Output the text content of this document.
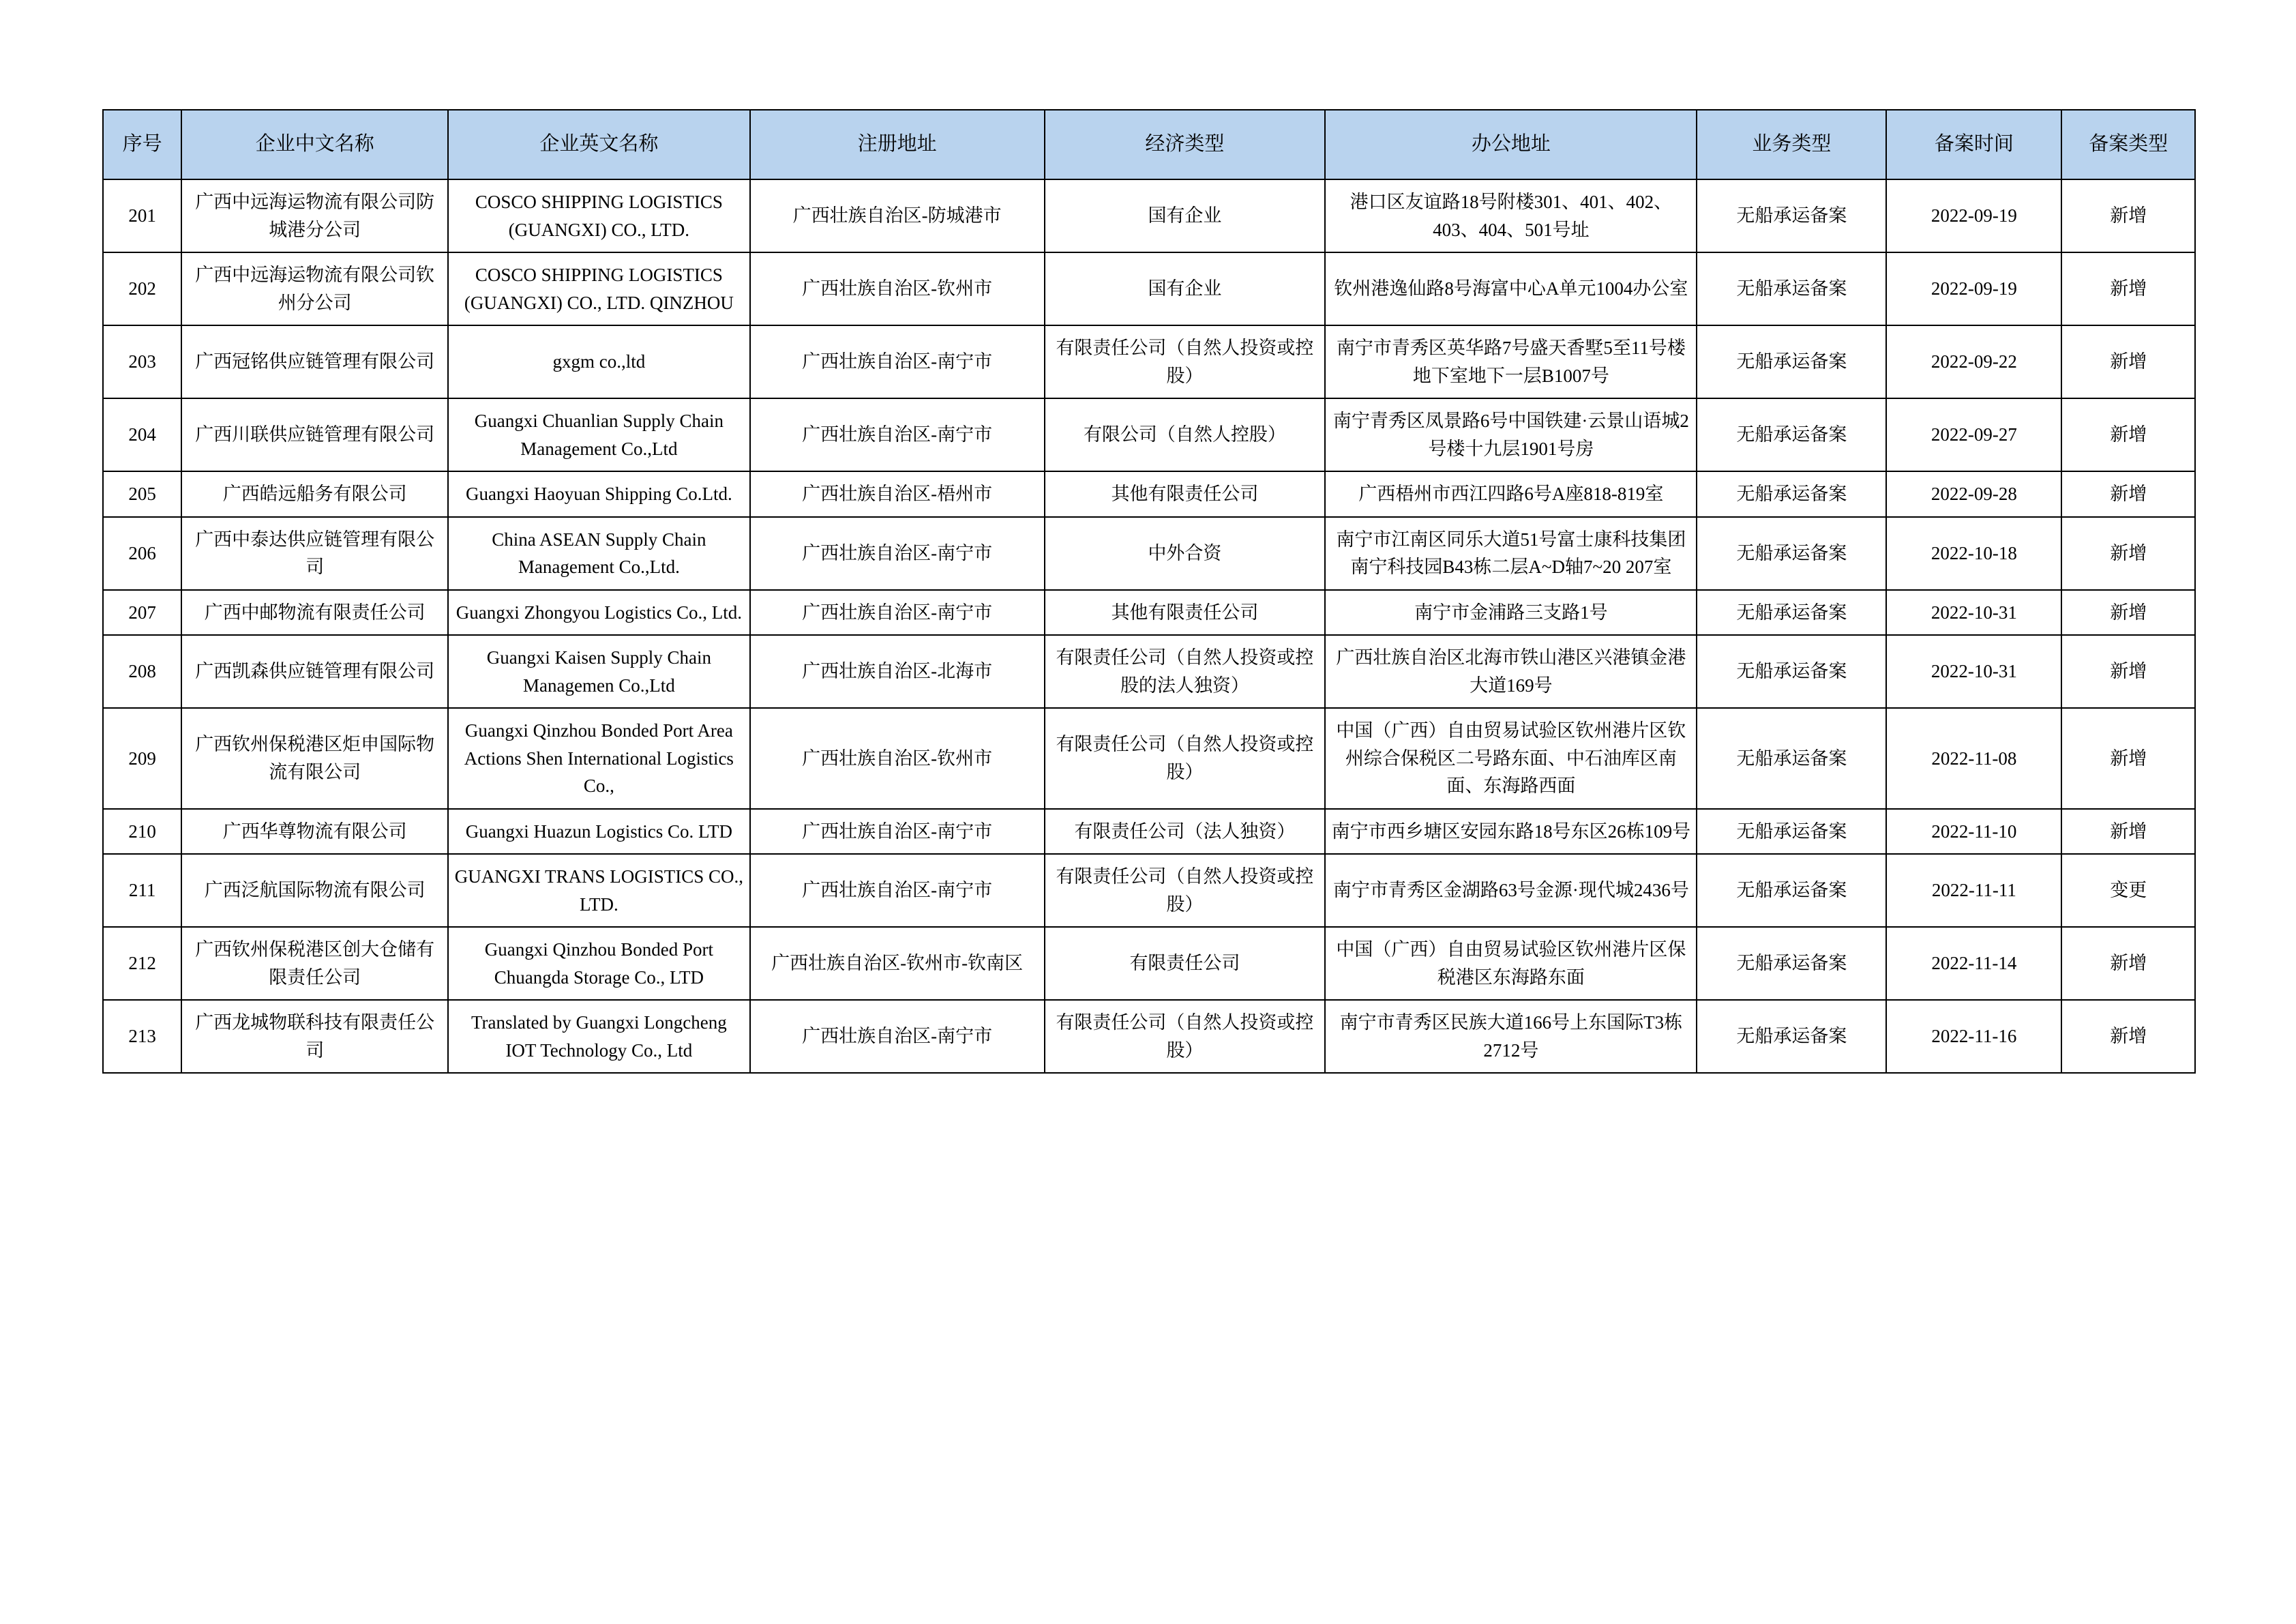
序号	企业中文名称	企业英文名称	注册地址	经济类型	办公地址	业务类型	备案时间	备案类型
201	广西中远海运物流有限公司防城港分公司	COSCO SHIPPING LOGISTICS (GUANGXI) CO., LTD.	广西壮族自治区-防城港市	国有企业	港口区友谊路18号附楼301、401、402、403、404、501号址	无船承运备案	2022-09-19	新增
202	广西中远海运物流有限公司钦州分公司	COSCO SHIPPING LOGISTICS (GUANGXI) CO., LTD. QINZHOU	广西壮族自治区-钦州市	国有企业	钦州港逸仙路8号海富中心A单元1004办公室	无船承运备案	2022-09-19	新增
203	广西冠铭供应链管理有限公司	gxgm co.,ltd	广西壮族自治区-南宁市	有限责任公司（自然人投资或控股）	南宁市青秀区英华路7号盛天香墅5至11号楼地下室地下一层B1007号	无船承运备案	2022-09-22	新增
204	广西川联供应链管理有限公司	Guangxi Chuanlian Supply Chain Management Co.,Ltd	广西壮族自治区-南宁市	有限公司（自然人控股）	南宁青秀区凤景路6号中国铁建·云景山语城2号楼十九层1901号房	无船承运备案	2022-09-27	新增
205	广西皓远船务有限公司	Guangxi Haoyuan Shipping Co.Ltd.	广西壮族自治区-梧州市	其他有限责任公司	广西梧州市西江四路6号A座818-819室	无船承运备案	2022-09-28	新增
206	广西中泰达供应链管理有限公司	China ASEAN Supply Chain Management Co.,Ltd.	广西壮族自治区-南宁市	中外合资	南宁市江南区同乐大道51号富士康科技集团南宁科技园B43栋二层A~D轴7~20 207室	无船承运备案	2022-10-18	新增
207	广西中邮物流有限责任公司	Guangxi Zhongyou Logistics Co., Ltd.	广西壮族自治区-南宁市	其他有限责任公司	南宁市金浦路三支路1号	无船承运备案	2022-10-31	新增
208	广西凯森供应链管理有限公司	Guangxi Kaisen Supply Chain Managemen Co.,Ltd	广西壮族自治区-北海市	有限责任公司（自然人投资或控股的法人独资）	广西壮族自治区北海市铁山港区兴港镇金港大道169号	无船承运备案	2022-10-31	新增
209	广西钦州保税港区炬申国际物流有限公司	Guangxi Qinzhou Bonded Port Area Actions Shen International Logistics Co.,	广西壮族自治区-钦州市	有限责任公司（自然人投资或控股）	中国（广西）自由贸易试验区钦州港片区钦州综合保税区二号路东面、中石油库区南面、东海路西面	无船承运备案	2022-11-08	新增
210	广西华尊物流有限公司	Guangxi Huazun Logistics Co. LTD	广西壮族自治区-南宁市	有限责任公司（法人独资）	南宁市西乡塘区安园东路18号东区26栋109号	无船承运备案	2022-11-10	新增
211	广西泛航国际物流有限公司	GUANGXI TRANS LOGISTICS CO., LTD.	广西壮族自治区-南宁市	有限责任公司（自然人投资或控股）	南宁市青秀区金湖路63号金源·现代城2436号	无船承运备案	2022-11-11	变更
212	广西钦州保税港区创大仓储有限责任公司	Guangxi Qinzhou Bonded Port Chuangda Storage Co., LTD	广西壮族自治区-钦州市-钦南区	有限责任公司	中国（广西）自由贸易试验区钦州港片区保税港区东海路东面	无船承运备案	2022-11-14	新增
213	广西龙城物联科技有限责任公司	Translated by Guangxi Longcheng IOT Technology Co., Ltd	广西壮族自治区-南宁市	有限责任公司（自然人投资或控股）	南宁市青秀区民族大道166号上东国际T3栋2712号	无船承运备案	2022-11-16	新增
